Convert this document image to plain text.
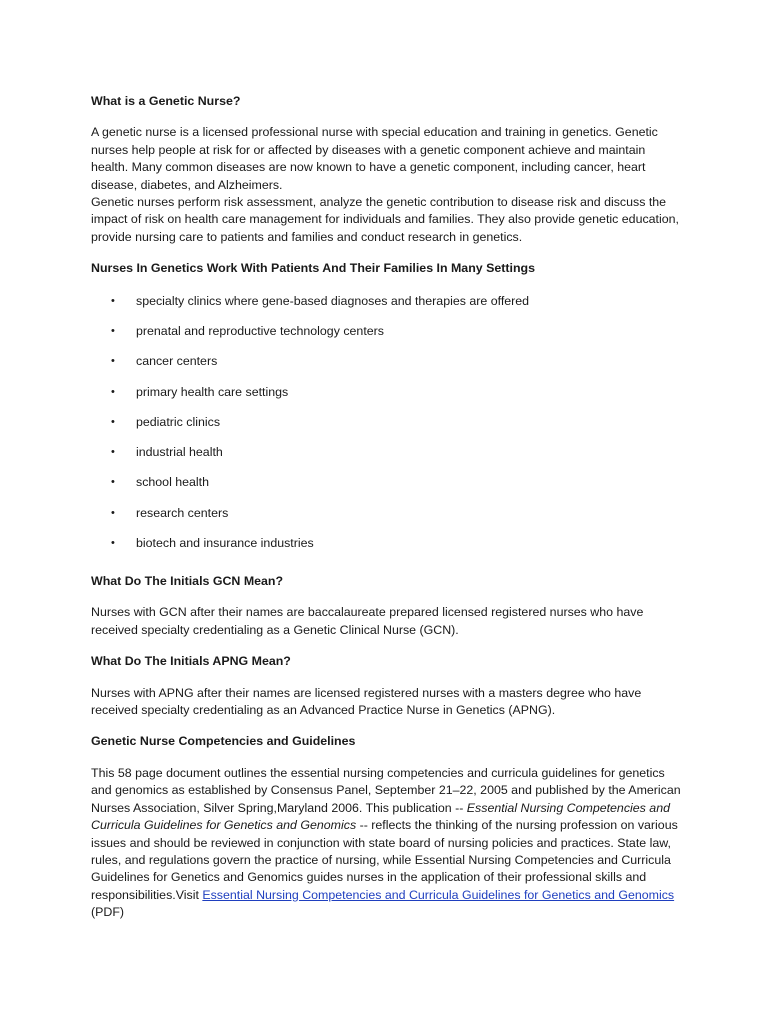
What is a Genetic Nurse?

A genetic nurse is a licensed professional nurse with special education and training in genetics. Genetic nurses help people at risk for or affected by diseases with a genetic component achieve and maintain health. Many common diseases are now known to have a genetic component, including cancer, heart disease, diabetes, and Alzheimers.

Genetic nurses perform risk assessment, analyze the genetic contribution to disease risk and discuss the impact of risk on health care management for individuals and families. They also provide genetic education, provide nursing care to patients and families and conduct research in genetics.

Nurses In Genetics Work With Patients And Their Families In Many Settings

• specialty clinics where gene-based diagnoses and therapies are offered
• prenatal and reproductive technology centers
• cancer centers
• primary health care settings
• pediatric clinics
• industrial health
• school health
• research centers
• biotech and insurance industries

What Do The Initials GCN Mean?

Nurses with GCN after their names are baccalaureate prepared licensed registered nurses who have received specialty credentialing as a Genetic Clinical Nurse (GCN).

What Do The Initials APNG Mean?

Nurses with APNG after their names are licensed registered nurses with a masters degree who have received specialty credentialing as an Advanced Practice Nurse in Genetics (APNG).

Genetic Nurse Competencies and Guidelines

This 58 page document outlines the essential nursing competencies and curricula guidelines for genetics and genomics as established by Consensus Panel, September 21–22, 2005 and published by the American Nurses Association, Silver Spring,Maryland 2006. This publication -- Essential Nursing Competencies and Curricula Guidelines for Genetics and Genomics -- reflects the thinking of the nursing profession on various issues and should be reviewed in conjunction with state board of nursing policies and practices. State law, rules, and regulations govern the practice of nursing, while Essential Nursing Competencies and Curricula Guidelines for Genetics and Genomics guides nurses in the application of their professional skills and responsibilities.Visit Essential Nursing Competencies and Curricula Guidelines for Genetics and Genomics (PDF)
